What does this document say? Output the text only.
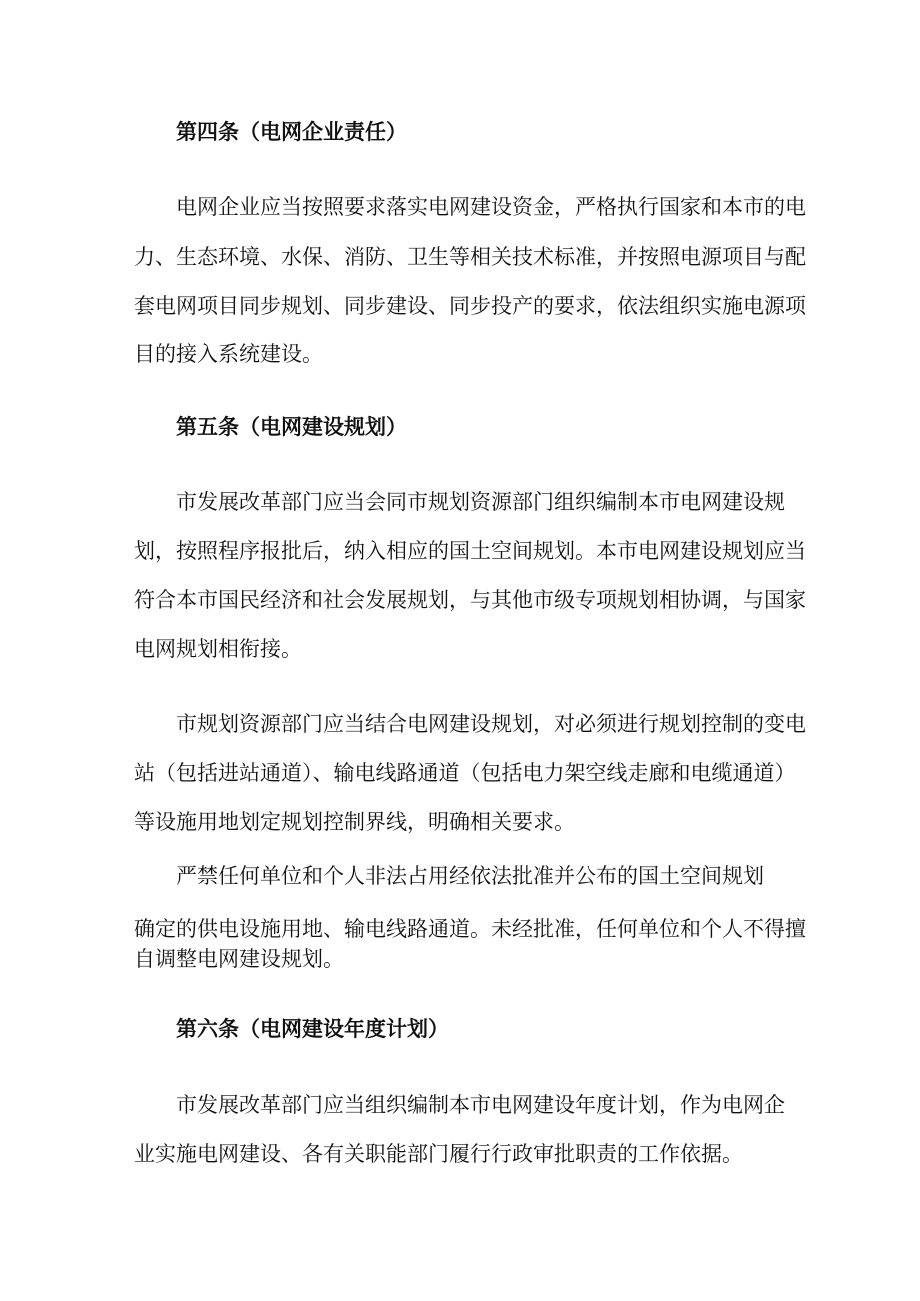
第四条（电网企业责任）
电网企业应当按照要求落实电网建设资金，严格执行国家和本市的电
力、生态环境、水保、消防、卫生等相关技术标准，并按照电源项目与配
套电网项目同步规划、同步建设、同步投产的要求，依法组织实施电源项
目的接入系统建设。
第五条（电网建设规划）
市发展改革部门应当会同市规划资源部门组织编制本市电网建设规
划，按照程序报批后，纳入相应的国土空间规划。本市电网建设规划应当
符合本市国民经济和社会发展规划，与其他市级专项规划相协调，与国家
电网规划相衔接。
市规划资源部门应当结合电网建设规划，对必须进行规划控制的变电
站（包括进站通道）、输电线路通道（包括电力架空线走廊和电缆通道）
等设施用地划定规划控制界线，明确相关要求。
严禁任何单位和个人非法占用经依法批准并公布的国土空间规划
确定的供电设施用地、输电线路通道。未经批准，任何单位和个人不得擅
自调整电网建设规划。
第六条（电网建设年度计划）
市发展改革部门应当组织编制本市电网建设年度计划，作为电网企
业实施电网建设、各有关职能部门履行行政审批职责的工作依据。
